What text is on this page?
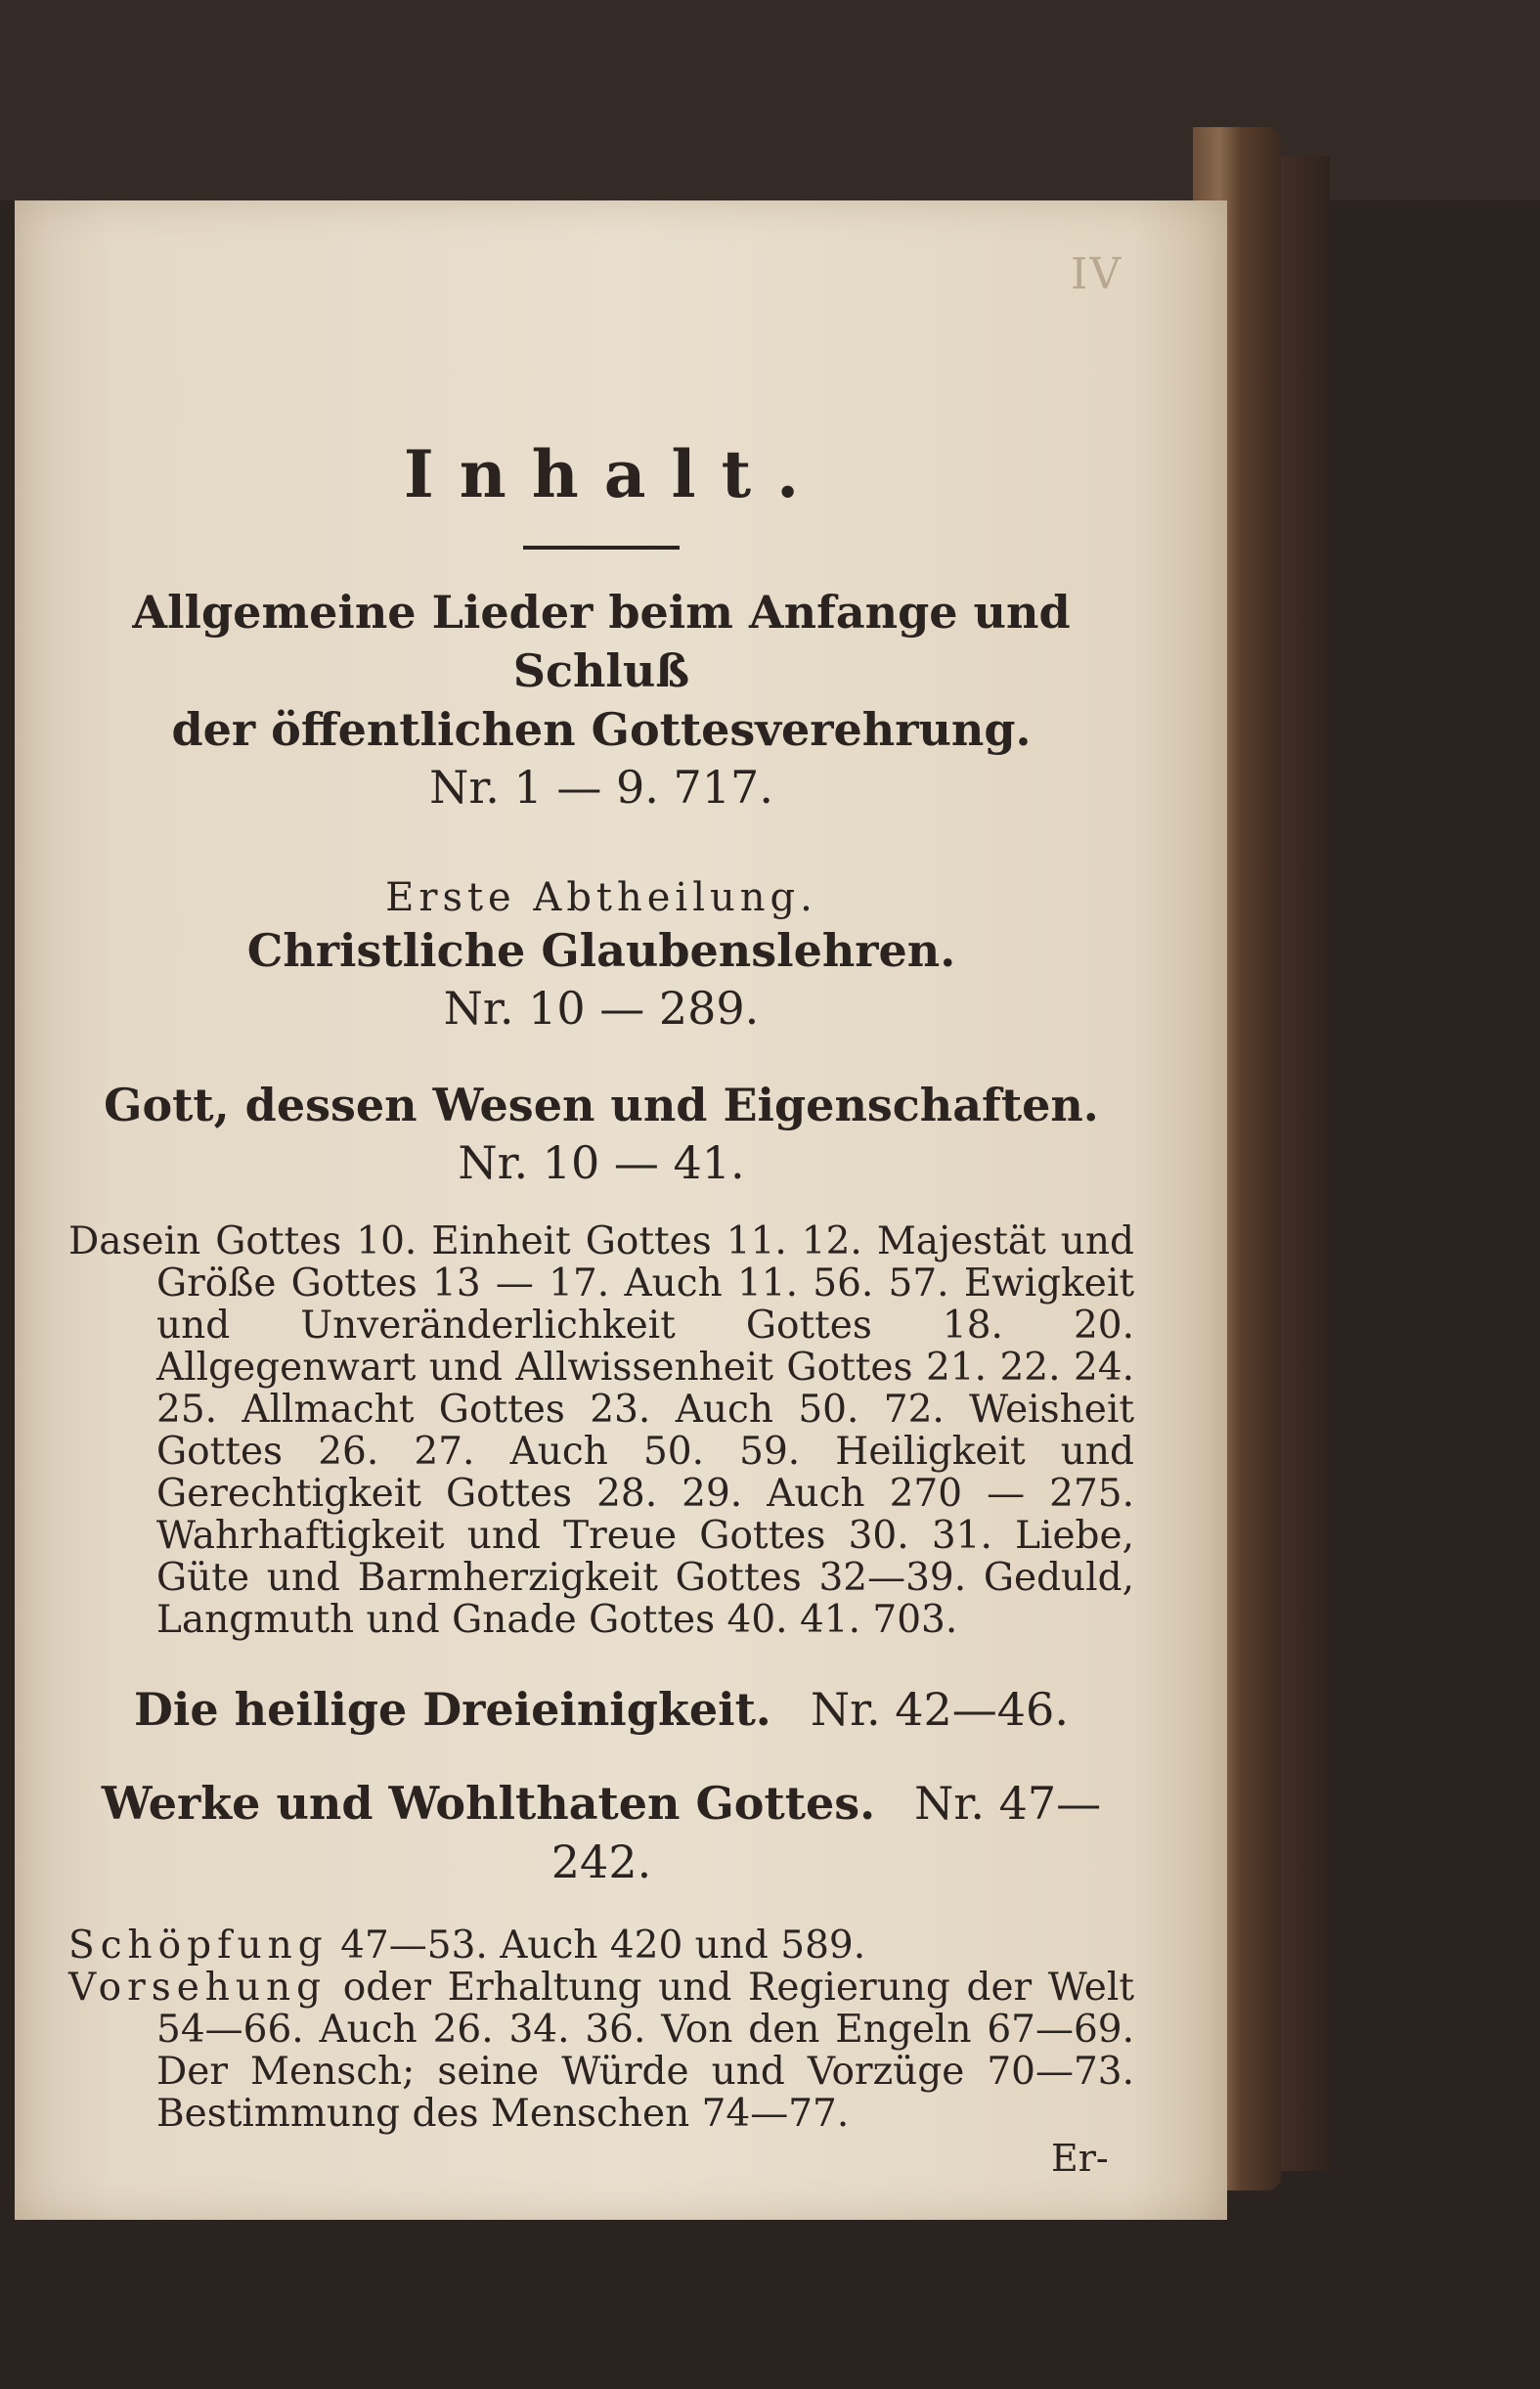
IV
Inhalt.
Allgemeine Lieder beim Anfange und Schluß
der öffentlichen Gottesverehrung.
Nr. 1 — 9. 717.
Erste Abtheilung.
Christliche Glaubenslehren.
Nr. 10 — 289.
Gott, dessen Wesen und Eigenschaften.
Nr. 10 — 41.
Dasein Gottes 10. Einheit Gottes 11. 12. Majestät und Größe Gottes 13 — 17. Auch 11. 56. 57. Ewigkeit und Unveränderlichkeit Gottes 18. 20. Allgegenwart und Allwissenheit Gottes 21. 22. 24. 25. Allmacht Gottes 23. Auch 50. 72. Weisheit Gottes 26. 27. Auch 50. 59. Heiligkeit und Gerechtigkeit Gottes 28. 29. Auch 270 — 275. Wahrhaftigkeit und Treue Gottes 30. 31. Liebe, Güte und Barmherzigkeit Gottes 32—39. Geduld, Langmuth und Gnade Gottes 40. 41. 703.
Die heilige Dreieinigkeit. Nr. 42—46.
Werke und Wohlthaten Gottes. Nr. 47—242.
Schöpfung 47—53. Auch 420 und 589.
Vorsehung oder Erhaltung und Regierung der Welt 54—66. Auch 26. 34. 36. Von den Engeln 67—69. Der Mensch; seine Würde und Vorzüge 70—73. Bestimmung des Menschen 74—77.
Er-
